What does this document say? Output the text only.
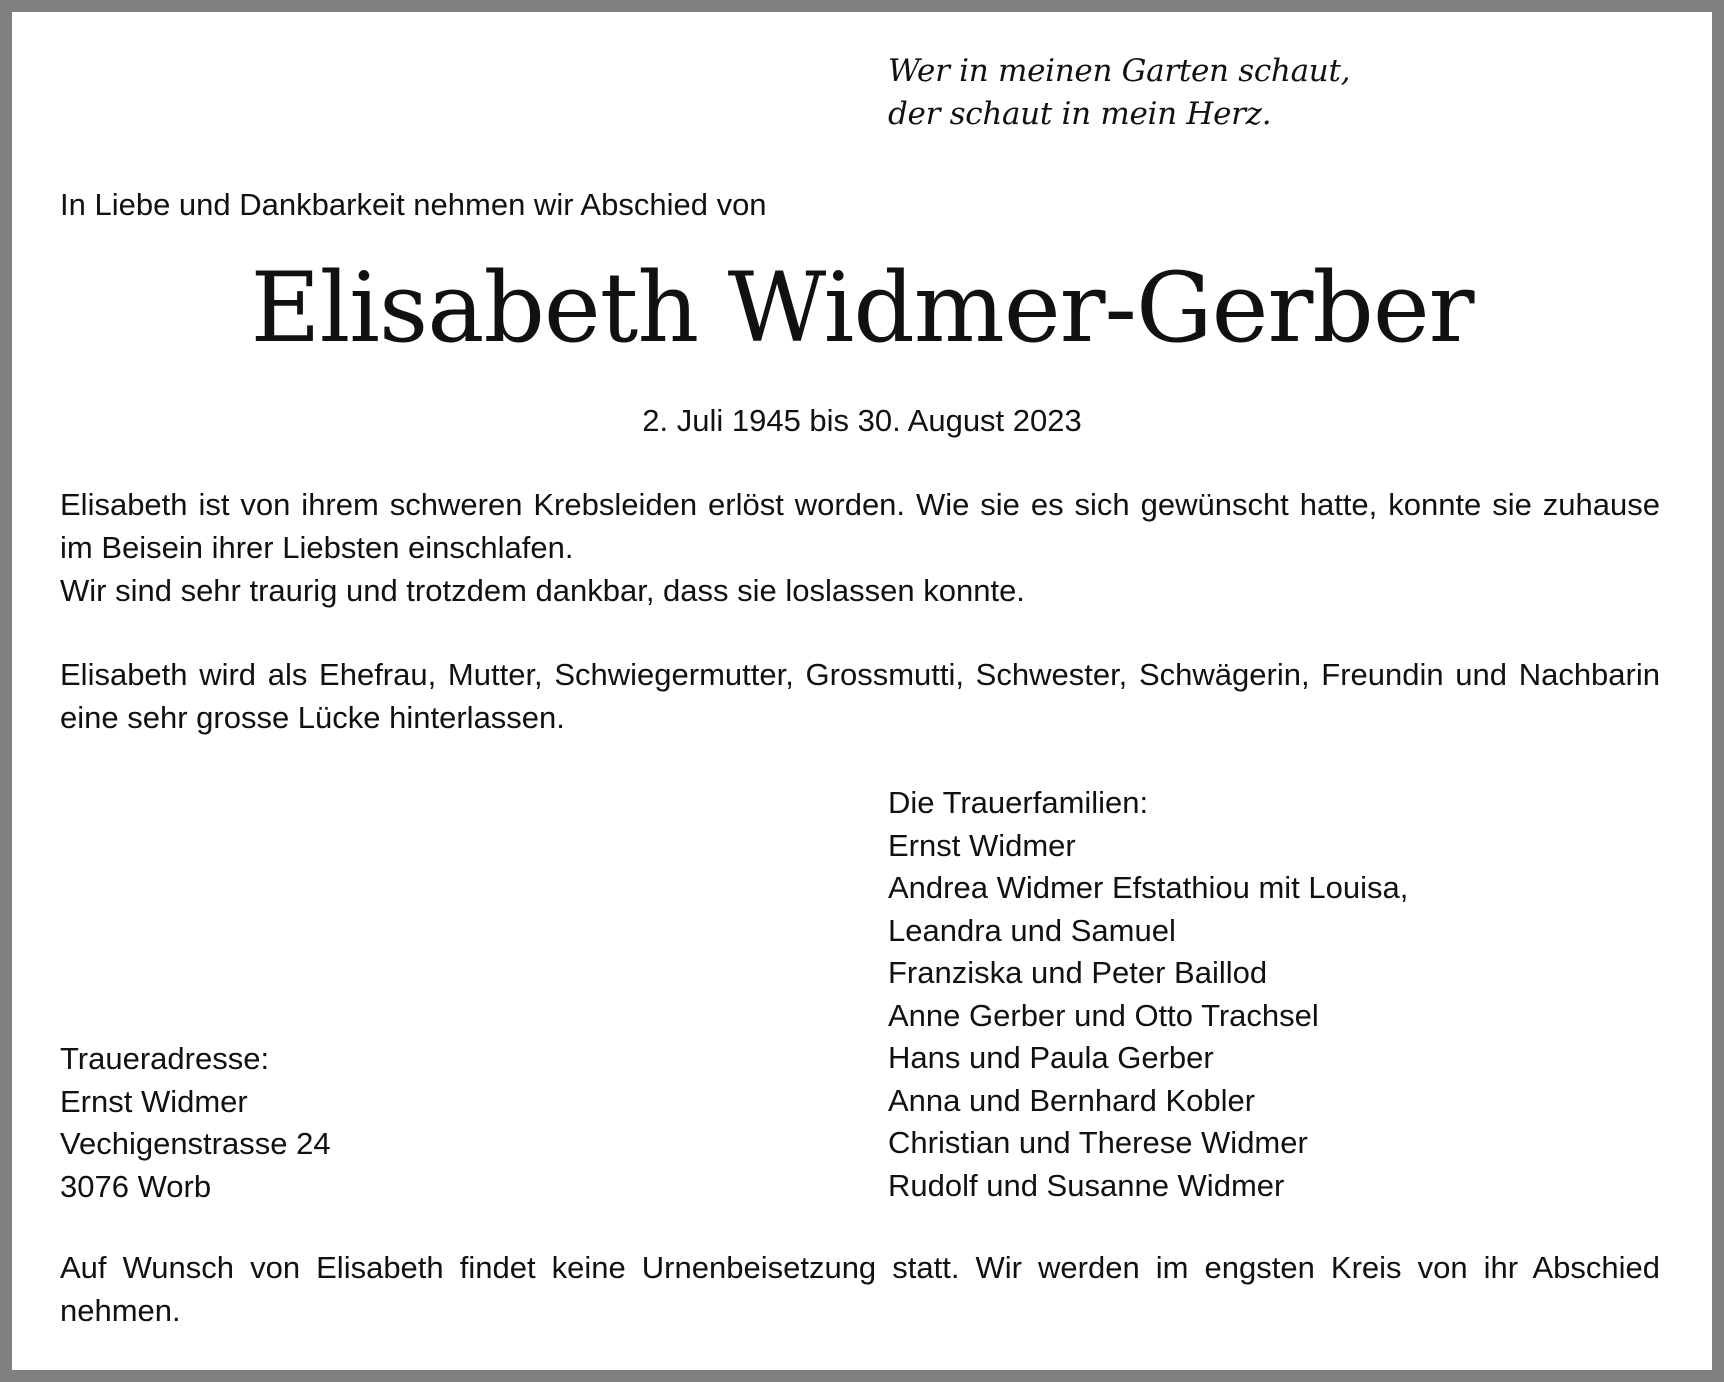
Wer in meinen Garten schaut,
der schaut in mein Herz.
In Liebe und Dankbarkeit nehmen wir Abschied von
Elisabeth Widmer-Gerber
2. Juli 1945 bis 30. August 2023

Elisabeth ist von ihrem schweren Krebsleiden erlöst worden. Wie sie es sich gewünscht hatte, konnte sie zuhause im Beisein ihrer Liebsten einschlafen.

Wir sind sehr traurig und trotzdem dankbar, dass sie loslassen konnte.

Elisabeth wird als Ehefrau, Mutter, Schwiegermutter, Grossmutti, Schwester, Schwägerin, Freundin und Nachbarin eine sehr grosse Lücke hinterlassen.
Die Trauerfamilien:
Ernst Widmer
Andrea Widmer Efstathiou mit Louisa,
Leandra und Samuel
Franziska und Peter Baillod
Anne Gerber und Otto Trachsel
Hans und Paula Gerber
Anna und Bernhard Kobler
Christian und Therese Widmer
Rudolf und Susanne Widmer
Traueradresse:
Ernst Widmer
Vechigenstrasse 24
3076 Worb
Auf Wunsch von Elisabeth findet keine Urnenbeisetzung statt. Wir werden im engsten Kreis von ihr Abschied nehmen.
